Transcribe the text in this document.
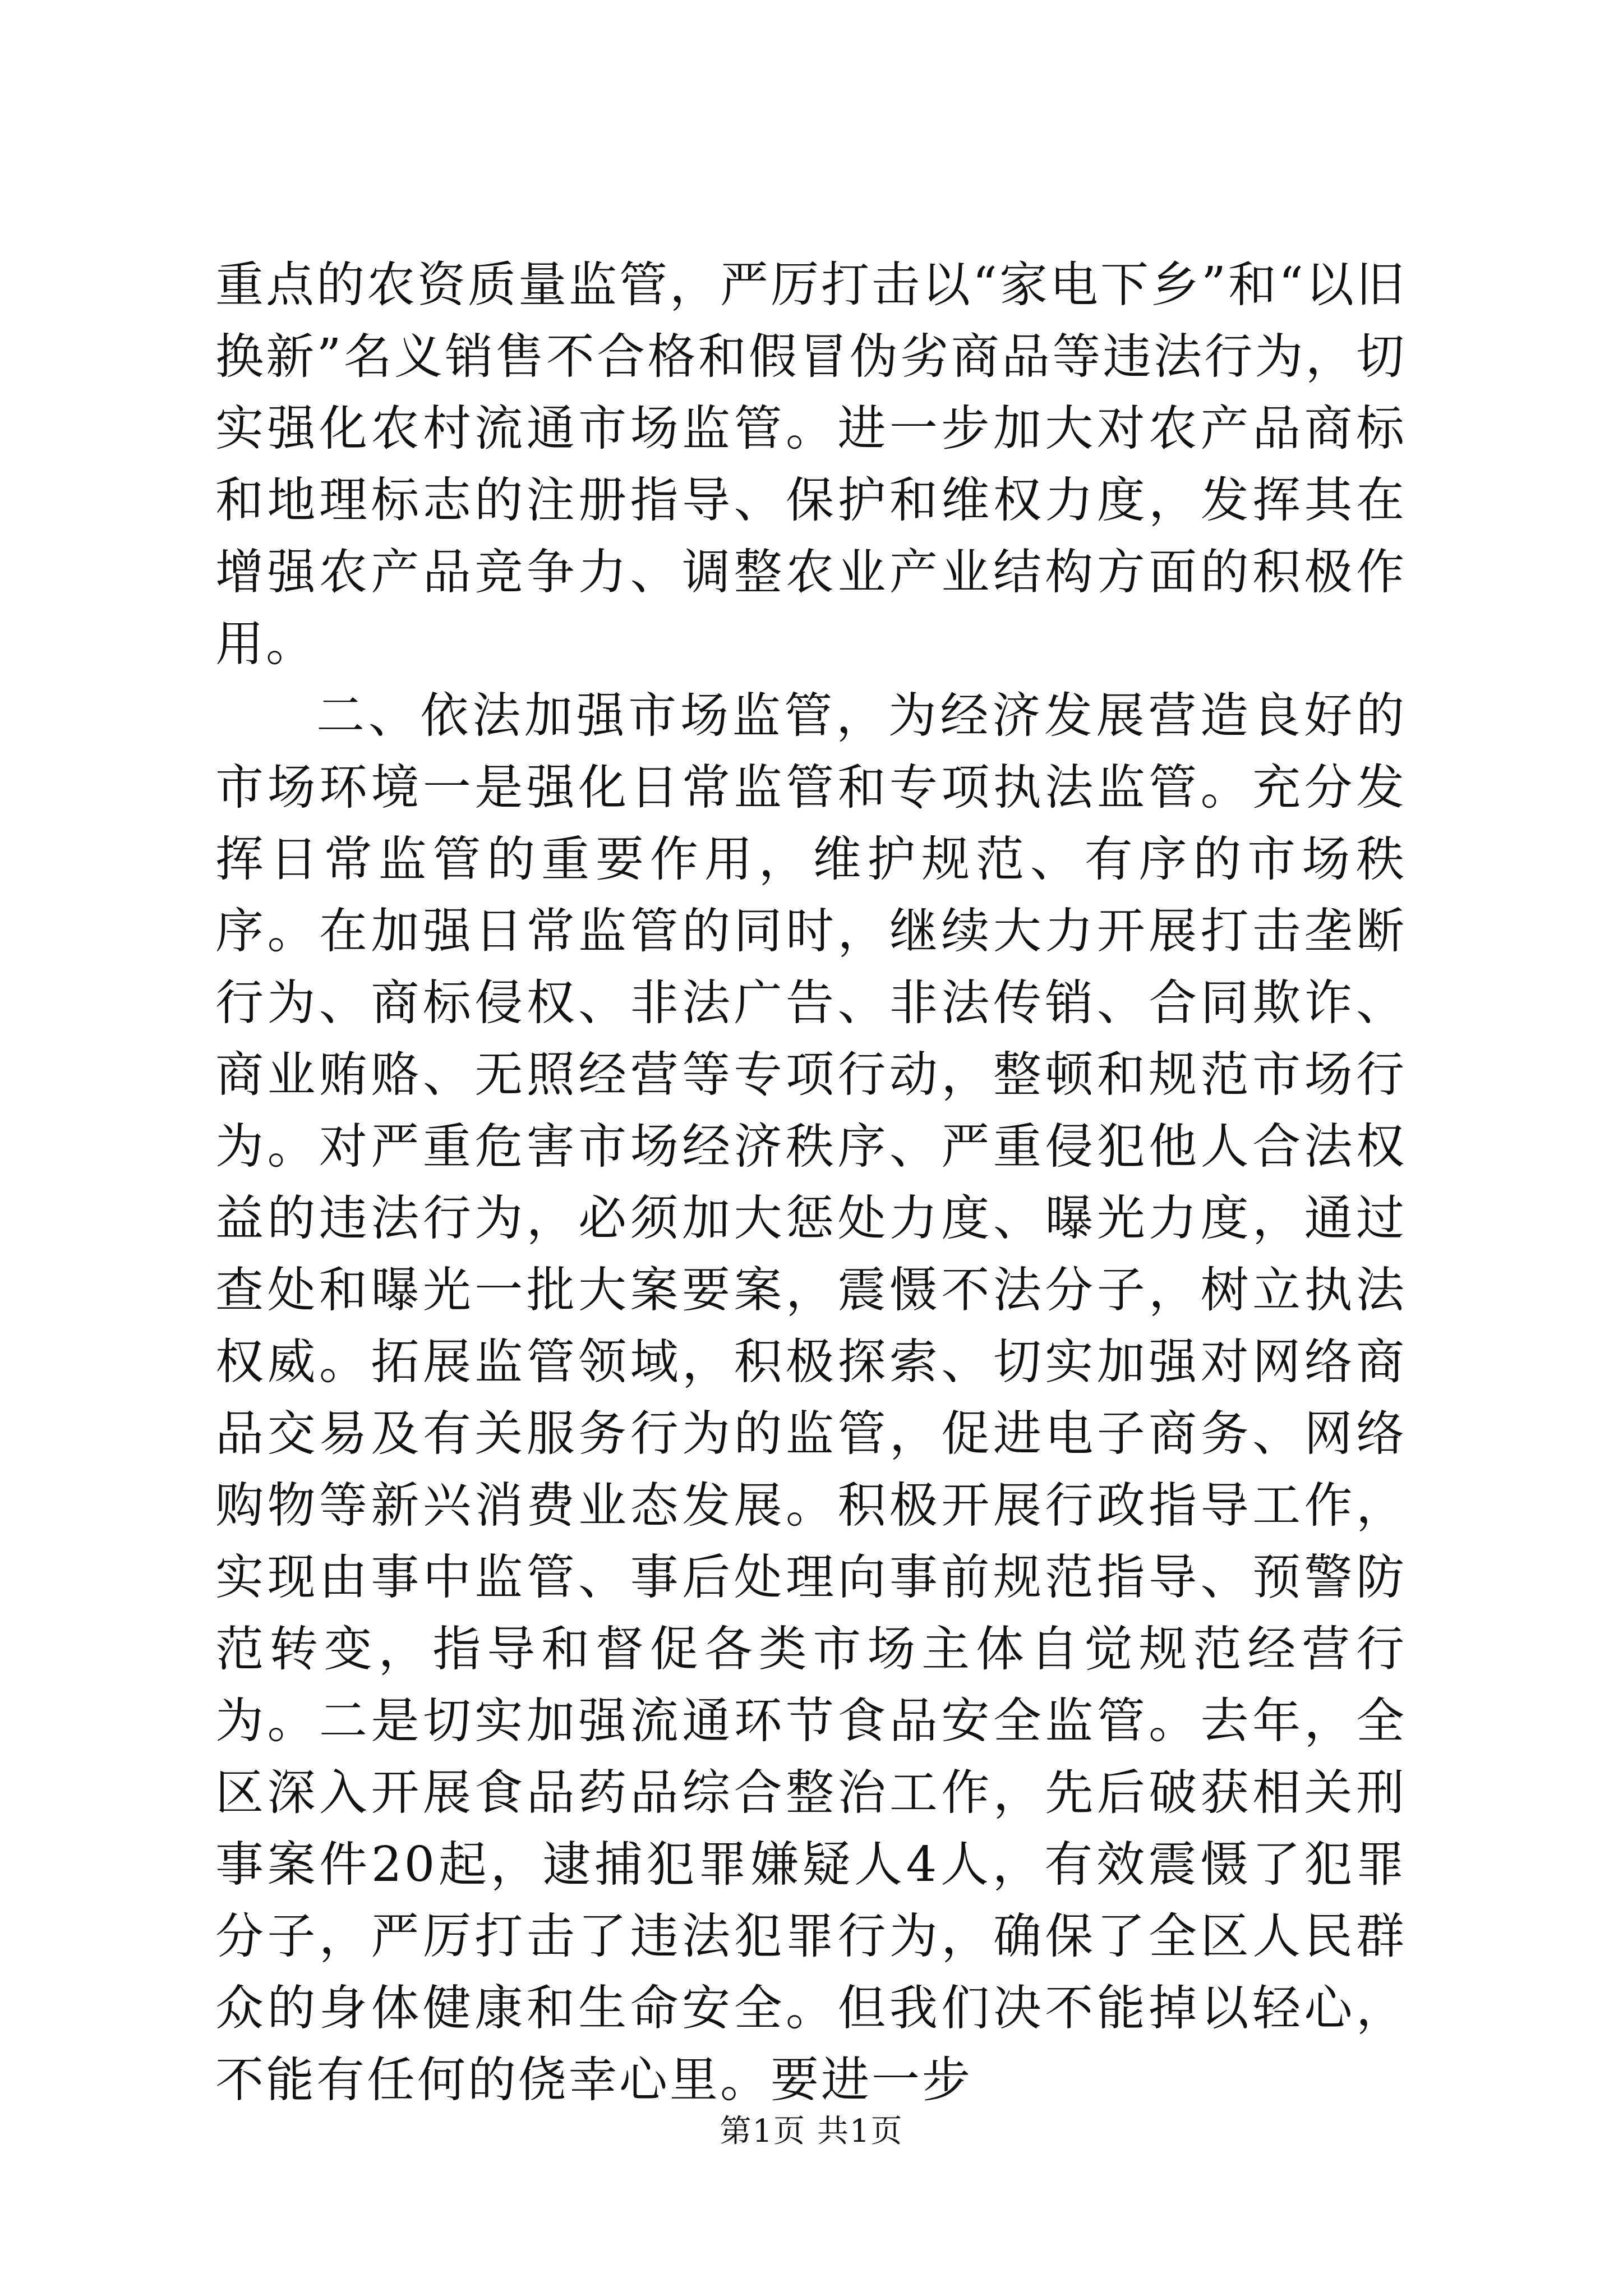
重点的农资质量监管，严厉打击以“家电下乡”和“以旧换新”名义销售不合格和假冒伪劣商品等违法行为，切实强化农村流通市场监管。进一步加大对农产品商标和地理标志的注册指导、保护和维权力度，发挥其在增强农产品竞争力、调整农业产业结构方面的积极作用。

二、依法加强市场监管，为经济发展营造良好的市场环境一是强化日常监管和专项执法监管。充分发挥日常监管的重要作用，维护规范、有序的市场秩序。在加强日常监管的同时，继续大力开展打击垄断行为、商标侵权、非法广告、非法传销、合同欺诈、商业贿赂、无照经营等专项行动，整顿和规范市场行为。对严重危害市场经济秩序、严重侵犯他人合法权益的违法行为，必须加大惩处力度、曝光力度，通过查处和曝光一批大案要案，震慑不法分子，树立执法权威。拓展监管领域，积极探索、切实加强对网络商品交易及有关服务行为的监管，促进电子商务、网络购物等新兴消费业态发展。积极开展行政指导工作，实现由事中监管、事后处理向事前规范指导、预警防范转变，指导和督促各类市场主体自觉规范经营行为。二是切实加强流通环节食品安全监管。去年，全区深入开展食品药品综合整治工作，先后破获相关刑事案件20起，逮捕犯罪嫌疑人4人，有效震慑了犯罪分子，严厉打击了违法犯罪行为，确保了全区人民群众的身体健康和生命安全。但我们决不能掉以轻心，不能有任何的侥幸心里。要进一步

第1页 共1页
